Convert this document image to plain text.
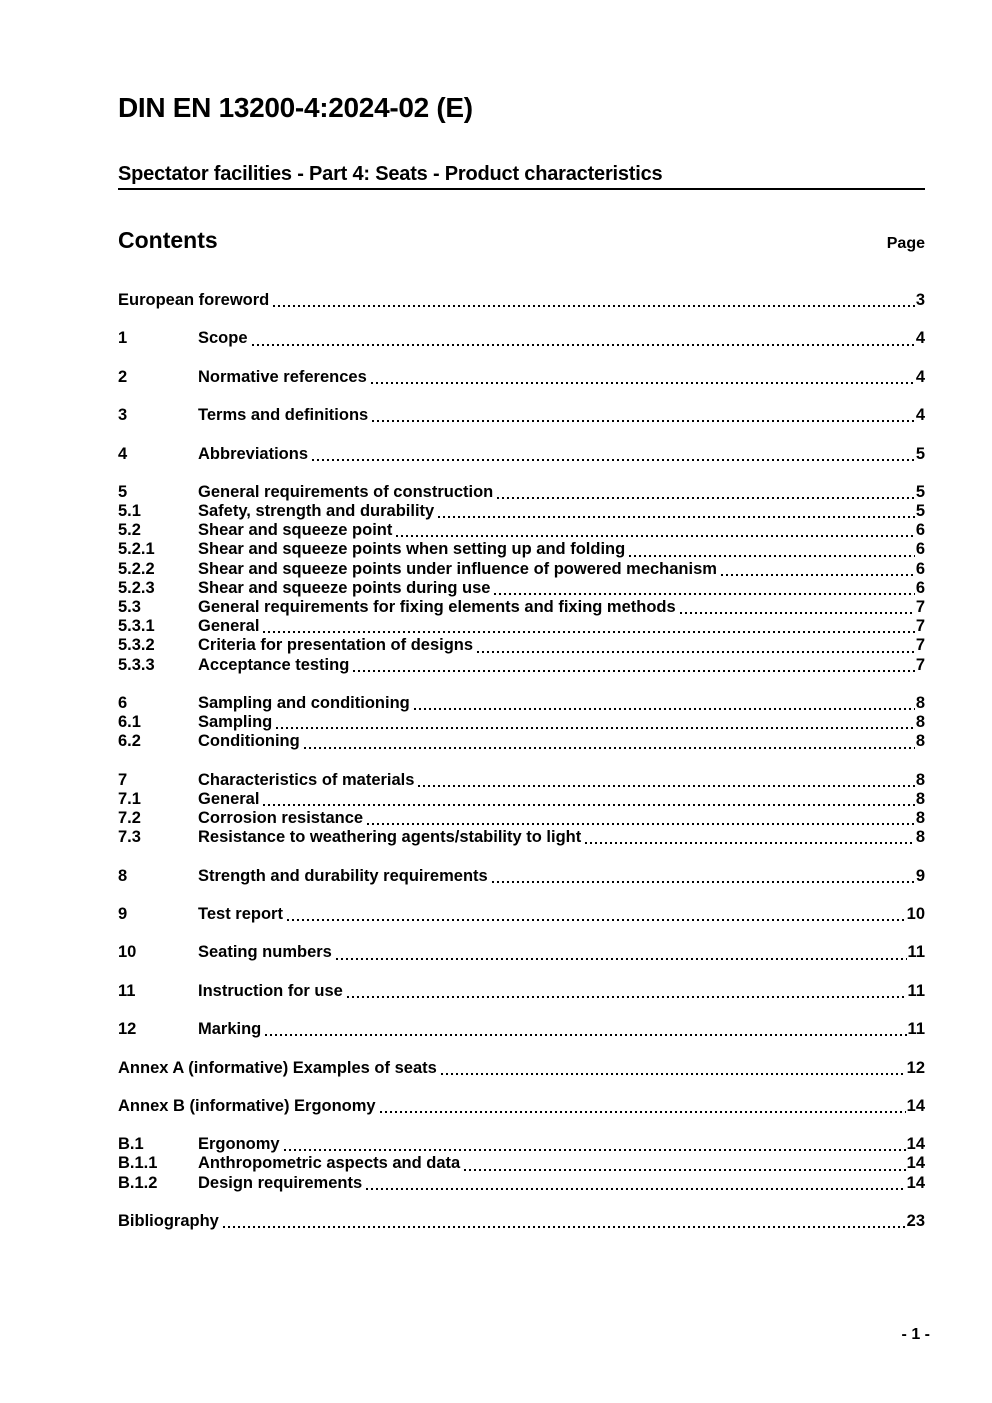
DIN EN 13200-4:2024-02 (E)
Spectator facilities - Part 4: Seats - Product characteristics
Contents	Page
European foreword	3
1	Scope	4
2	Normative references	4
3	Terms and definitions	4
4	Abbreviations	5
5	General requirements of construction	5
5.1	Safety, strength and durability	5
5.2	Shear and squeeze point	6
5.2.1	Shear and squeeze points when setting up and folding	6
5.2.2	Shear and squeeze points under influence of powered mechanism	6
5.2.3	Shear and squeeze points during use	6
5.3	General requirements for fixing elements and fixing methods	7
5.3.1	General	7
5.3.2	Criteria for presentation of designs	7
5.3.3	Acceptance testing	7
6	Sampling and conditioning	8
6.1	Sampling	8
6.2	Conditioning	8
7	Characteristics of materials	8
7.1	General	8
7.2	Corrosion resistance	8
7.3	Resistance to weathering agents/stability to light	8
8	Strength and durability requirements	9
9	Test report	10
10	Seating numbers	11
11	Instruction for use	11
12	Marking	11
Annex A (informative) Examples of seats	12
Annex B (informative) Ergonomy	14
B.1	Ergonomy	14
B.1.1	Anthropometric aspects and data	14
B.1.2	Design requirements	14
Bibliography	23
- 1 -
